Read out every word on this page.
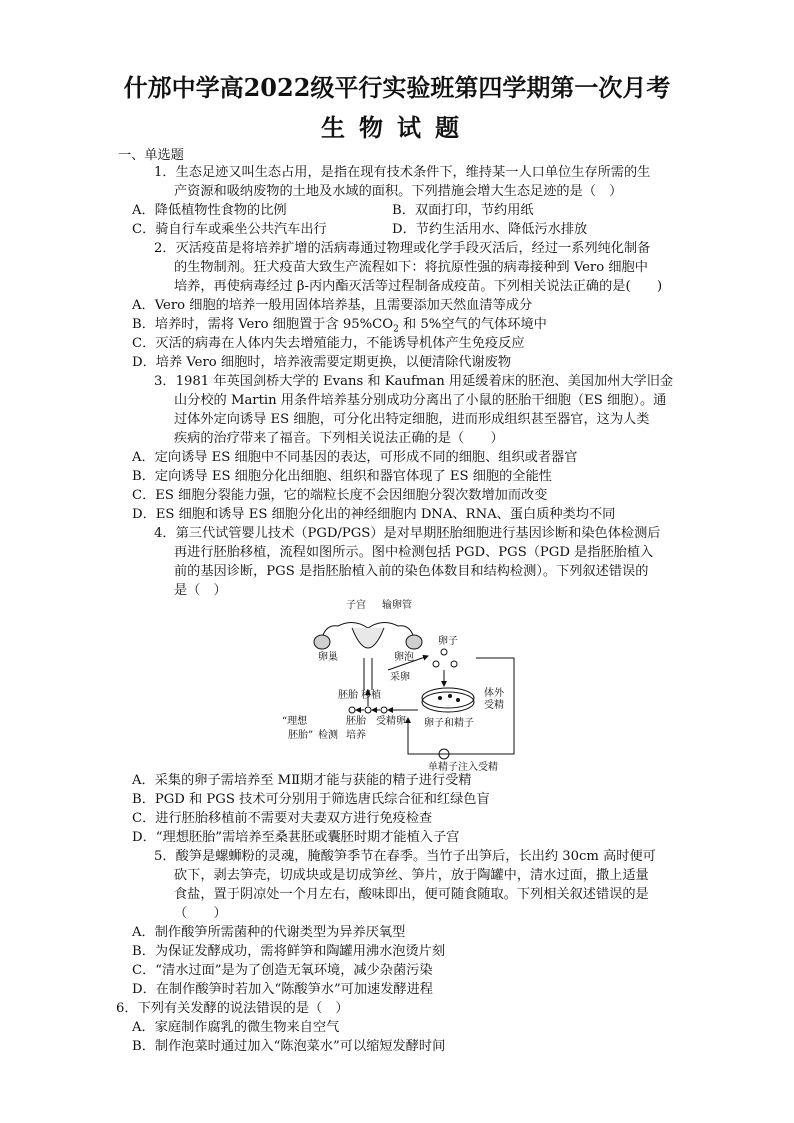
什邡中学高2022级平行实验班第四学期第一次月考
生物试题
一、单选题
1．生态足迹又叫生态占用，是指在现有技术条件下，维持某一人口单位生存所需的生
产资源和吸纳废物的土地及水域的面积。下列措施会增大生态足迹的是（　）
A．降低植物性食物的比例	B．双面打印，节约用纸
C．骑自行车或乘坐公共汽车出行	D．节约生活用水、降低污水排放
2．灭活疫苗是将培养扩增的活病毒通过物理或化学手段灭活后，经过一系列纯化制备
的生物制剂。狂犬疫苗大致生产流程如下：将抗原性强的病毒接种到 Vero 细胞中
培养，再使病毒经过 β-丙内酯灭活等过程制备成疫苗。下列相关说法正确的是(　　)
A．Vero 细胞的培养一般用固体培养基，且需要添加天然血清等成分
B．培养时，需将 Vero 细胞置于含 $95\%CO_2$ 和 5%空气的气体环境中
C．灭活的病毒在人体内失去增殖能力，不能诱导机体产生免疫反应
D．培养 Vero 细胞时，培养液需要定期更换，以便清除代谢废物
3．1981 年英国剑桥大学的 Evans 和 Kaufman 用延缓着床的胚泡、美国加州大学旧金
山分校的 Martin 用条件培养基分别成功分离出了小鼠的胚胎干细胞（ES 细胞）。通
过体外定向诱导 ES 细胞，可分化出特定细胞，进而形成组织甚至器官，这为人类
疾病的治疗带来了福音。下列相关说法正确的是（　　）
A．定向诱导 ES 细胞中不同基因的表达，可形成不同的细胞、组织或者器官
B．定向诱导 ES 细胞分化出细胞、组织和器官体现了 ES 细胞的全能性
C．ES 细胞分裂能力强，它的端粒长度不会因细胞分裂次数增加而改变
D．ES 细胞和诱导 ES 细胞分化出的神经细胞内 DNA、RNA、蛋白质种类均不同
4．第三代试管婴儿技术（PGD/PGS）是对早期胚胎细胞进行基因诊断和染色体检测后
再进行胚胎移植，流程如图所示。图中检测包括 PGD、PGS（PGD 是指胚胎植入
前的基因诊断，PGS 是指胚胎植入前的染色体数目和结构检测）。下列叙述错误的
是（　）
子宫 输卵管
卵巢	卵泡
卵子
采卵
体外
受精
卵子和精子
胚胎 移植
“理想
胚胎” 检测
胚胎
培养
受精卵
单精子注入受精
A．采集的卵子需培养至 MⅡ期才能与获能的精子进行受精
B．PGD 和 PGS 技术可分别用于筛选唐氏综合征和红绿色盲
C．进行胚胎移植前不需要对夫妻双方进行免疫检查
D．“理想胚胎”需培养至桑葚胚或囊胚时期才能植入子宫
5．酸笋是螺蛳粉的灵魂，腌酸笋季节在春季。当竹子出笋后，长出约 30cm 高时便可
砍下，剥去笋壳，切成块或是切成笋丝、笋片，放于陶罐中，清水过面，撒上适量
食盐，置于阴凉处一个月左右，酸味即出，便可随食随取。下列相关叙述错误的是
（　　）
A．制作酸笋所需菌种的代谢类型为异养厌氧型
B．为保证发酵成功，需将鲜笋和陶罐用沸水泡烫片刻
C．“清水过面”是为了创造无氧环境，减少杂菌污染
D．在制作酸笋时若加入“陈酸笋水”可加速发酵进程
6．下列有关发酵的说法错误的是（　）
A．家庭制作腐乳的微生物来自空气
B．制作泡菜时通过加入“陈泡菜水”可以缩短发酵时间
